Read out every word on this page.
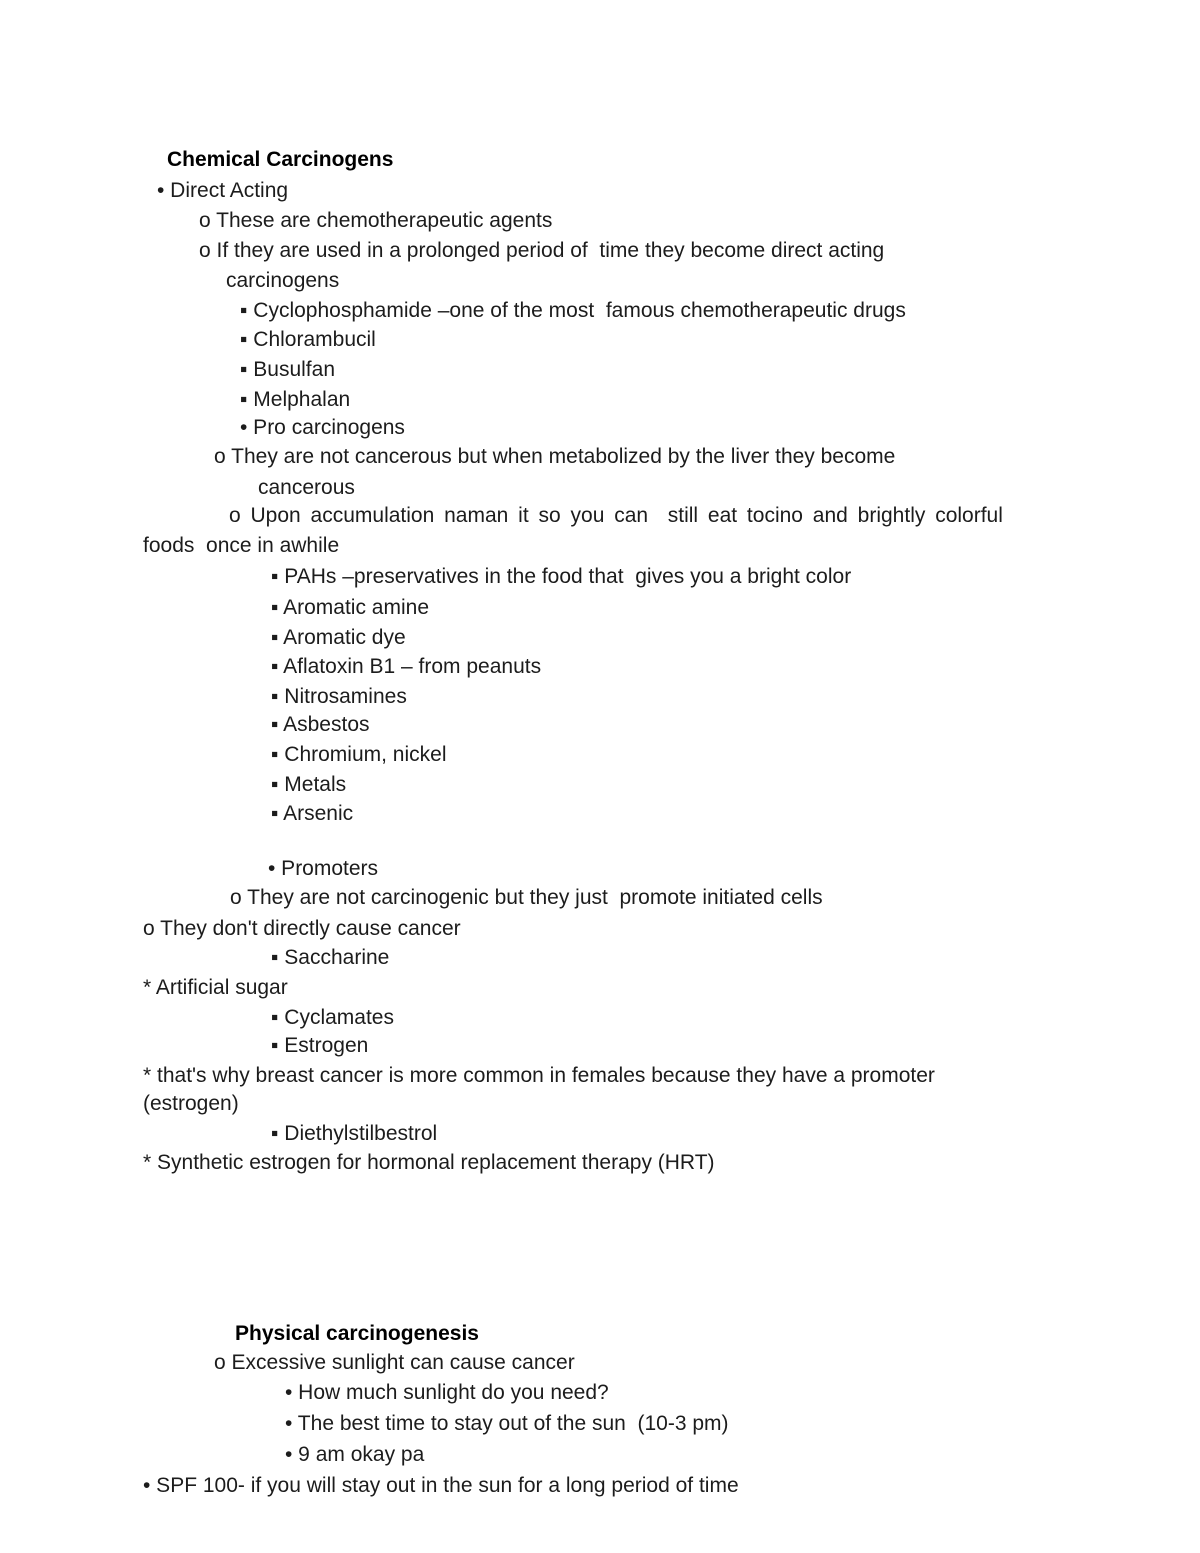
Chemical Carcinogens
• Direct Acting
o These are chemotherapeutic agents
o If they are used in a prolonged period of  time they become direct acting
carcinogens
▪ Cyclophosphamide –one of the most  famous chemotherapeutic drugs
▪ Chlorambucil
▪ Busulfan
▪ Melphalan
• Pro carcinogens
o They are not cancerous but when metabolized by the liver they become
cancerous
o Upon accumulation naman it so you can  still eat tocino and brightly colorful
foods  once in awhile
▪ PAHs –preservatives in the food that  gives you a bright color
▪ Aromatic amine
▪ Aromatic dye
▪ Aflatoxin B1 – from peanuts
▪ Nitrosamines
▪ Asbestos
▪ Chromium, nickel
▪ Metals
▪ Arsenic
• Promoters
o They are not carcinogenic but they just  promote initiated cells
o They don't directly cause cancer
▪ Saccharine
* Artificial sugar
▪ Cyclamates
▪ Estrogen
* that's why breast cancer is more common in females because they have a promoter
(estrogen)
▪ Diethylstilbestrol
* Synthetic estrogen for hormonal replacement therapy (HRT)
Physical carcinogenesis
o Excessive sunlight can cause cancer
• How much sunlight do you need?
• The best time to stay out of the sun  (10-3 pm)
• 9 am okay pa
• SPF 100- if you will stay out in the sun for a long period of time
